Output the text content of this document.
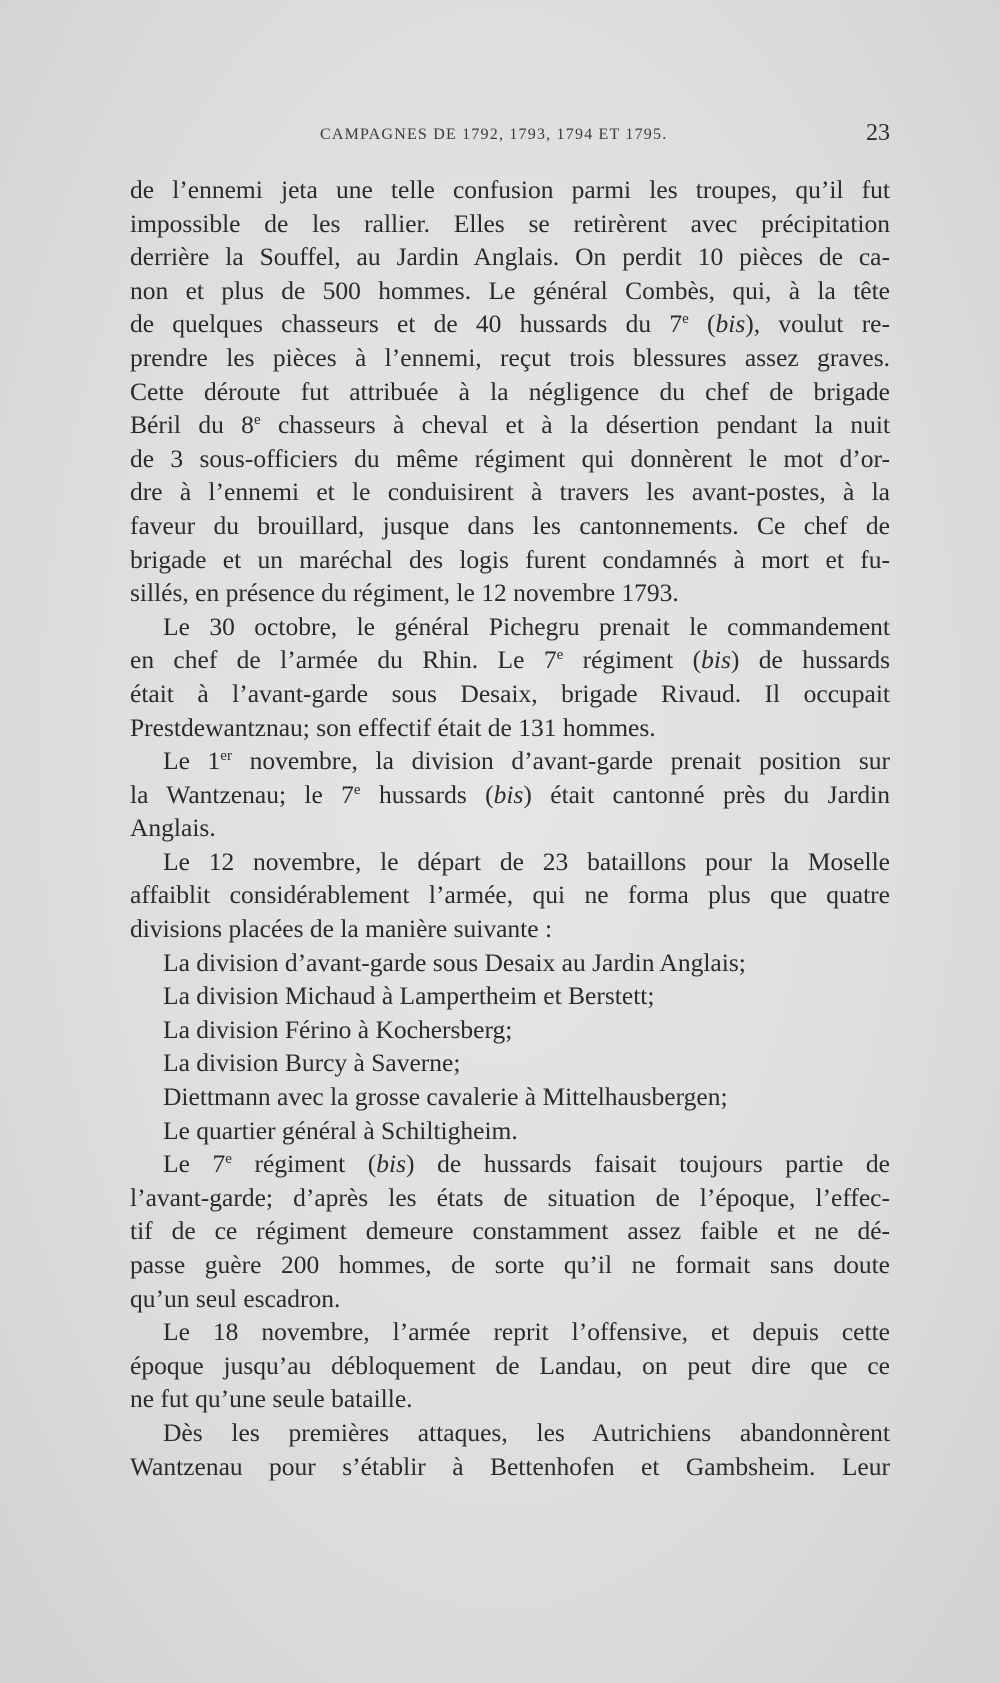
CAMPAGNES DE 1792, 1793, 1794 ET 1795.	23
de l’ennemi jeta une telle confusion parmi les troupes, qu’il fut
impossible de les rallier. Elles se retirèrent avec précipitation
derrière la Souffel, au Jardin Anglais. On perdit 10 pièces de ca-
non et plus de 500 hommes. Le général Combès, qui, à la tête
de quelques chasseurs et de 40 hussards du 7e (bis), voulut re-
prendre les pièces à l’ennemi, reçut trois blessures assez graves.
Cette déroute fut attribuée à la négligence du chef de brigade
Béril du 8e chasseurs à cheval et à la désertion pendant la nuit
de 3 sous-officiers du même régiment qui donnèrent le mot d’or-
dre à l’ennemi et le conduisirent à travers les avant-postes, à la
faveur du brouillard, jusque dans les cantonnements. Ce chef de
brigade et un maréchal des logis furent condamnés à mort et fu-
sillés, en présence du régiment, le 12 novembre 1793.
Le 30 octobre, le général Pichegru prenait le commandement
en chef de l’armée du Rhin. Le 7e régiment (bis) de hussards
était à l’avant-garde sous Desaix, brigade Rivaud. Il occupait
Prestdewantznau; son effectif était de 131 hommes.
Le 1er novembre, la division d’avant-garde prenait position sur
la Wantzenau; le 7e hussards (bis) était cantonné près du Jardin
Anglais.
Le 12 novembre, le départ de 23 bataillons pour la Moselle
affaiblit considérablement l’armée, qui ne forma plus que quatre
divisions placées de la manière suivante :
La division d’avant-garde sous Desaix au Jardin Anglais;
La division Michaud à Lampertheim et Berstett;
La division Férino à Kochersberg;
La division Burcy à Saverne;
Diettmann avec la grosse cavalerie à Mittelhausbergen;
Le quartier général à Schiltigheim.
Le 7e régiment (bis) de hussards faisait toujours partie de
l’avant-garde; d’après les états de situation de l’époque, l’effec-
tif de ce régiment demeure constamment assez faible et ne dé-
passe guère 200 hommes, de sorte qu’il ne formait sans doute
qu’un seul escadron.
Le 18 novembre, l’armée reprit l’offensive, et depuis cette
époque jusqu’au débloquement de Landau, on peut dire que ce
ne fut qu’une seule bataille.
Dès les premières attaques, les Autrichiens abandonnèrent
Wantzenau pour s’établir à Bettenhofen et Gambsheim. Leur
